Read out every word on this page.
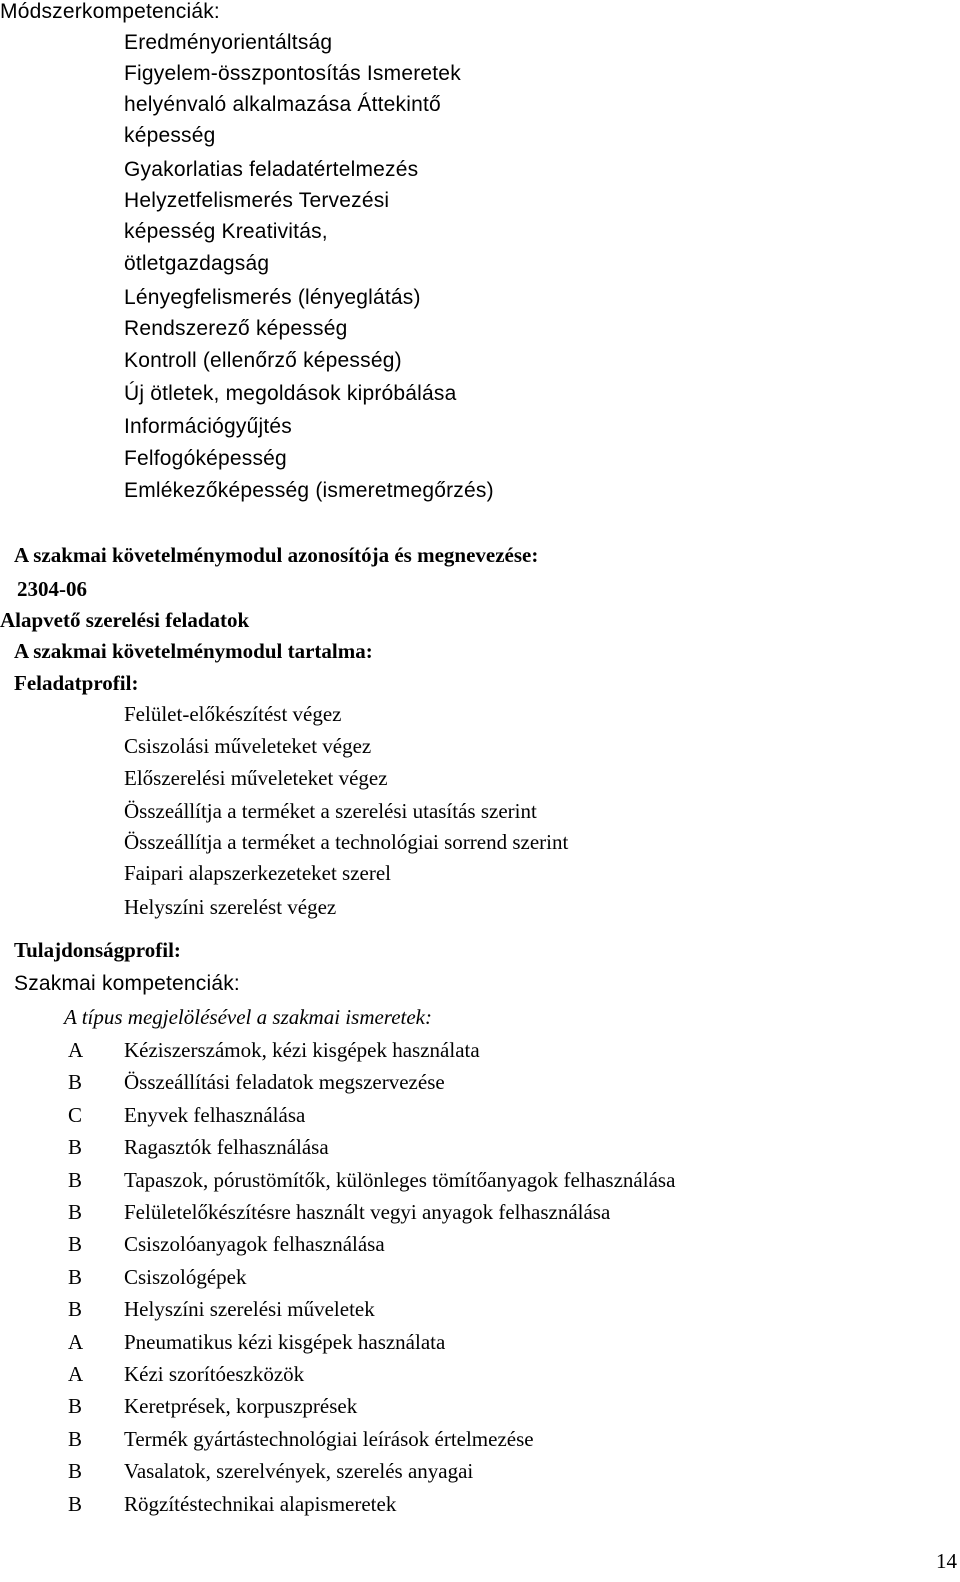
Módszerkompetenciák:
Eredményorientáltság
Figyelem-összpontosítás Ismeretek
helyénvaló alkalmazása Áttekintő
képesség
Gyakorlatias feladatértelmezés
Helyzetfelismerés Tervezési
képesség Kreativitás,
ötletgazdagság
Lényegfelismerés (lényeglátás)
Rendszerező képesség
Kontroll (ellenőrző képesség)
Új ötletek, megoldások kipróbálása
Információgyűjtés
Felfogóképesség
Emlékezőképesség (ismeretmegőrzés)
A szakmai követelménymodul azonosítója és megnevezése:
2304-06
Alapvető szerelési feladatok
A szakmai követelménymodul tartalma:
Feladatprofil:
Felület-előkészítést végez
Csiszolási műveleteket végez
Előszerelési műveleteket végez
Összeállítja a terméket a szerelési utasítás szerint
Összeállítja a terméket a technológiai sorrend szerint
Faipari alapszerkezeteket szerel
Helyszíni szerelést végez
Tulajdonságprofil:
Szakmai kompetenciák:
A típus megjelölésével a szakmai ismeretek:
A	Kéziszerszámok, kézi kisgépek használata
B	Összeállítási feladatok megszervezése
C	Enyvek felhasználása
B	Ragasztók felhasználása
B	Tapaszok, pórustömítők, különleges tömítőanyagok felhasználása
B	Felületelőkészítésre használt vegyi anyagok felhasználása
B	Csiszolóanyagok felhasználása
B	Csiszológépek
B	Helyszíni szerelési műveletek
A	Pneumatikus kézi kisgépek használata
A	Kézi szorítóeszközök
B	Keretprések, korpuszprések
B	Termék gyártástechnológiai leírások értelmezése
B	Vasalatok, szerelvények, szerelés anyagai
B	Rögzítéstechnikai alapismeretek
14
